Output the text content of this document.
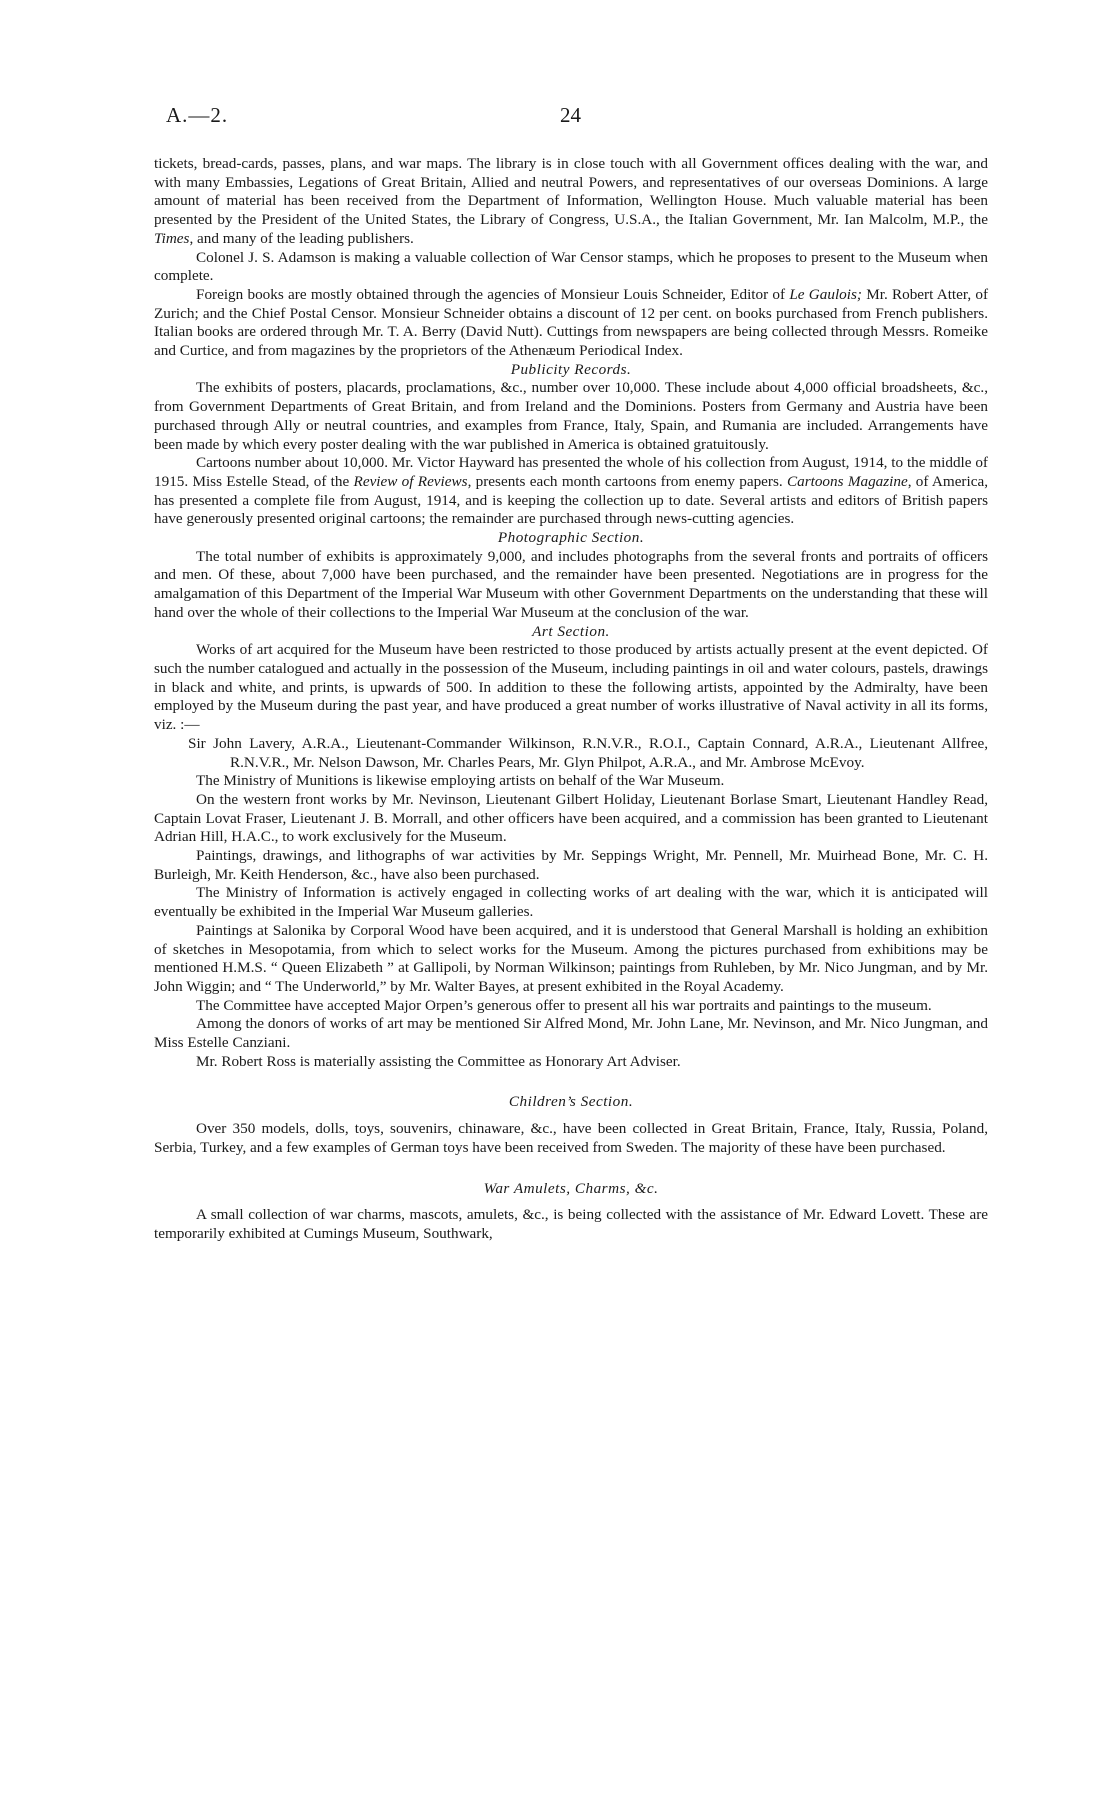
A.—2.	24

tickets, bread-cards, passes, plans, and war maps. The library is in close touch with all Government offices dealing with the war, and with many Embassies, Legations of Great Britain, Allied and neutral Powers, and representatives of our overseas Dominions. A large amount of material has been received from the Department of Information, Wellington House. Much valuable material has been presented by the President of the United States, the Library of Congress, U.S.A., the Italian Government, Mr. Ian Malcolm, M.P., the Times, and many of the leading publishers.

Colonel J. S. Adamson is making a valuable collection of War Censor stamps, which he proposes to present to the Museum when complete.

Foreign books are mostly obtained through the agencies of Monsieur Louis Schneider, Editor of Le Gaulois; Mr. Robert Atter, of Zurich; and the Chief Postal Censor. Monsieur Schneider obtains a discount of 12 per cent. on books purchased from French publishers. Italian books are ordered through Mr. T. A. Berry (David Nutt). Cuttings from newspapers are being collected through Messrs. Romeike and Curtice, and from magazines by the proprietors of the Athenæum Periodical Index.

Publicity Records.

The exhibits of posters, placards, proclamations, &c., number over 10,000. These include about 4,000 official broadsheets, &c., from Government Departments of Great Britain, and from Ireland and the Dominions. Posters from Germany and Austria have been purchased through Ally or neutral countries, and examples from France, Italy, Spain, and Rumania are included. Arrangements have been made by which every poster dealing with the war published in America is obtained gratuitously.

Cartoons number about 10,000. Mr. Victor Hayward has presented the whole of his collection from August, 1914, to the middle of 1915. Miss Estelle Stead, of the Review of Reviews, presents each month cartoons from enemy papers. Cartoons Magazine, of America, has presented a complete file from August, 1914, and is keeping the collection up to date. Several artists and editors of British papers have generously presented original cartoons; the remainder are purchased through news-cutting agencies.

Photographic Section.

The total number of exhibits is approximately 9,000, and includes photographs from the several fronts and portraits of officers and men. Of these, about 7,000 have been purchased, and the remainder have been presented. Negotiations are in progress for the amalgamation of this Department of the Imperial War Museum with other Government Departments on the understanding that these will hand over the whole of their collections to the Imperial War Museum at the conclusion of the war.

Art Section.

Works of art acquired for the Museum have been restricted to those produced by artists actually present at the event depicted. Of such the number catalogued and actually in the possession of the Museum, including paintings in oil and water colours, pastels, drawings in black and white, and prints, is upwards of 500. In addition to these the following artists, appointed by the Admiralty, have been employed by the Museum during the past year, and have produced a great number of works illustrative of Naval activity in all its forms, viz. :—

Sir John Lavery, A.R.A., Lieutenant-Commander Wilkinson, R.N.V.R., R.O.I., Captain Connard, A.R.A., Lieutenant Allfree, R.N.V.R., Mr. Nelson Dawson, Mr. Charles Pears, Mr. Glyn Philpot, A.R.A., and Mr. Ambrose McEvoy.

The Ministry of Munitions is likewise employing artists on behalf of the War Museum.

On the western front works by Mr. Nevinson, Lieutenant Gilbert Holiday, Lieutenant Borlase Smart, Lieutenant Handley Read, Captain Lovat Fraser, Lieutenant J. B. Morrall, and other officers have been acquired, and a commission has been granted to Lieutenant Adrian Hill, H.A.C., to work exclusively for the Museum.

Paintings, drawings, and lithographs of war activities by Mr. Seppings Wright, Mr. Pennell, Mr. Muirhead Bone, Mr. C. H. Burleigh, Mr. Keith Henderson, &c., have also been purchased.

The Ministry of Information is actively engaged in collecting works of art dealing with the war, which it is anticipated will eventually be exhibited in the Imperial War Museum galleries.

Paintings at Salonika by Corporal Wood have been acquired, and it is understood that General Marshall is holding an exhibition of sketches in Mesopotamia, from which to select works for the Museum. Among the pictures purchased from exhibitions may be mentioned H.M.S. “ Queen Elizabeth ” at Gallipoli, by Norman Wilkinson; paintings from Ruhleben, by Mr. Nico Jungman, and by Mr. John Wiggin; and “ The Underworld,” by Mr. Walter Bayes, at present exhibited in the Royal Academy.

The Committee have accepted Major Orpen’s generous offer to present all his war portraits and paintings to the museum.

Among the donors of works of art may be mentioned Sir Alfred Mond, Mr. John Lane, Mr. Nevinson, and Mr. Nico Jungman, and Miss Estelle Canziani.

Mr. Robert Ross is materially assisting the Committee as Honorary Art Adviser.

Children’s Section.

Over 350 models, dolls, toys, souvenirs, chinaware, &c., have been collected in Great Britain, France, Italy, Russia, Poland, Serbia, Turkey, and a few examples of German toys have been received from Sweden. The majority of these have been purchased.

War Amulets, Charms, &c.

A small collection of war charms, mascots, amulets, &c., is being collected with the assistance of Mr. Edward Lovett. These are temporarily exhibited at Cumings Museum, Southwark,
